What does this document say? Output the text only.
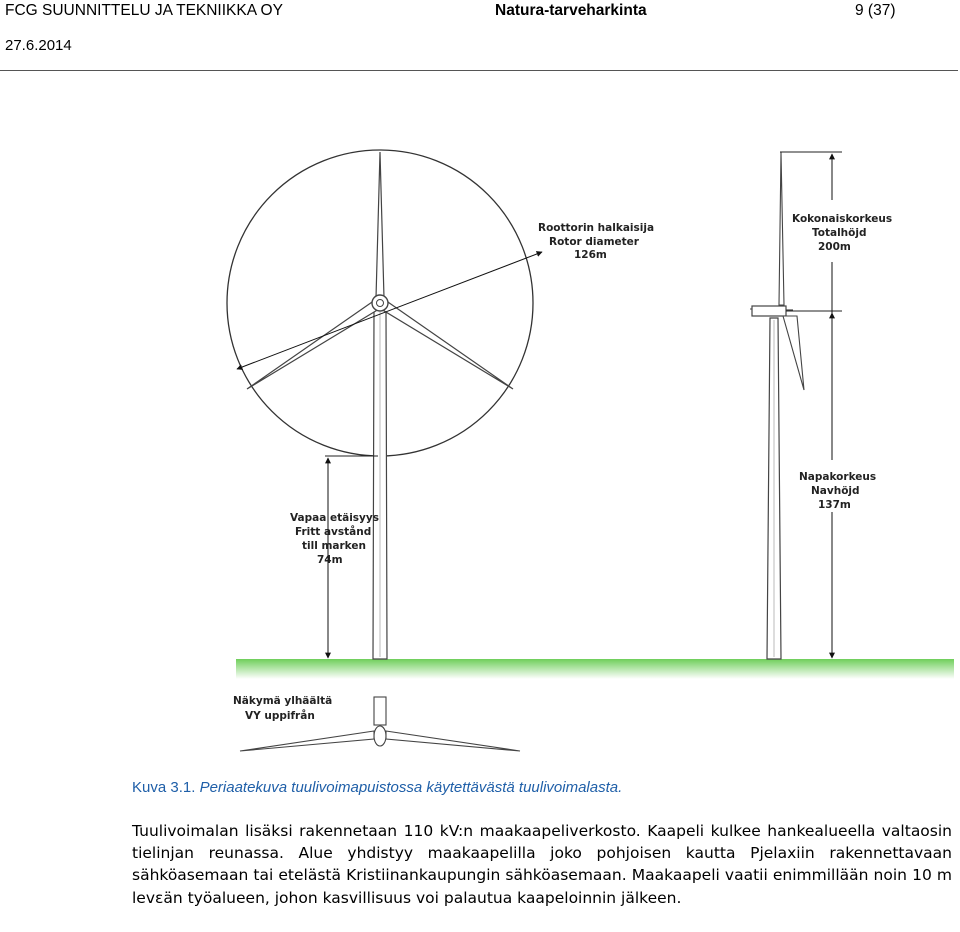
FCG SUUNNITTELU JA TEKNIIKKA OY
27.6.2014
Natura-tarveharkinta	9 (37)
Roottorin halkaisija
Rotor diameter
126m
Vapaa etäisyys
Fritt avstånd
till marken
74m
Kokonaiskorkeus
Totalhöjd
200m
Napakorkeus
Navhöjd
137m
Näkymä ylhäältä
VY uppifrån
Kuva 3.1. Periaatekuva tuulivoimapuistossa käytettävästä tuulivoimalasta.

Tuulivoimalan lisäksi rakennetaan 110 kV:n maakaapeliverkosto. Kaapeli kulkee hankealueella valtaosin tielinjan reunassa. Alue yhdistyy maakaapelilla joko pohjoisen kautta Pjelaxiin rakennettavaan sähköasemaan tai etelästä Kristiinankaupungin sähköasemaan. Maakaapeli vaatii enimmillään noin 10 m levεän työalueen, johon kasvillisuus voi palautua kaapeloinnin jälkeen.
